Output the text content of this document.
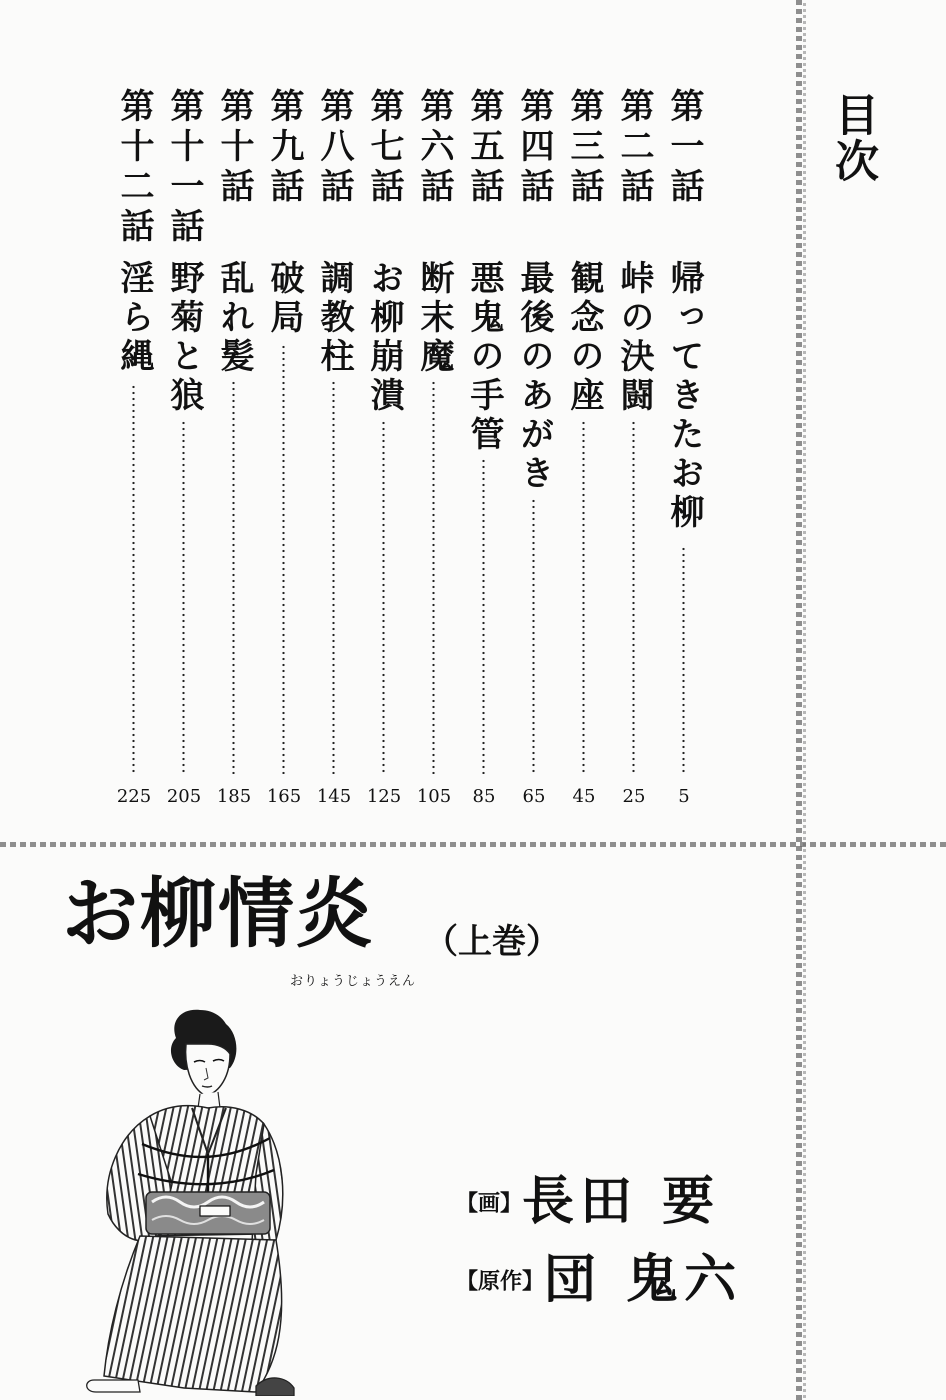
目次
第一話
帰ってきたお柳
5
第二話
峠の決闘
25
第三話
観念の座
45
第四話
最後のあがき
65
第五話
悪鬼の手管
85
第六話
断末魔
105
第七話
お柳崩潰
125
第八話
調教柱
145
第九話
破局
165
第十話
乱れ髪
185
第十一話
野菊と狼
205
第十二話
淫ら縄
225
お柳情炎 （上巻）
おりょうじょうえん
【画】長田 要
【原作】団 鬼六
